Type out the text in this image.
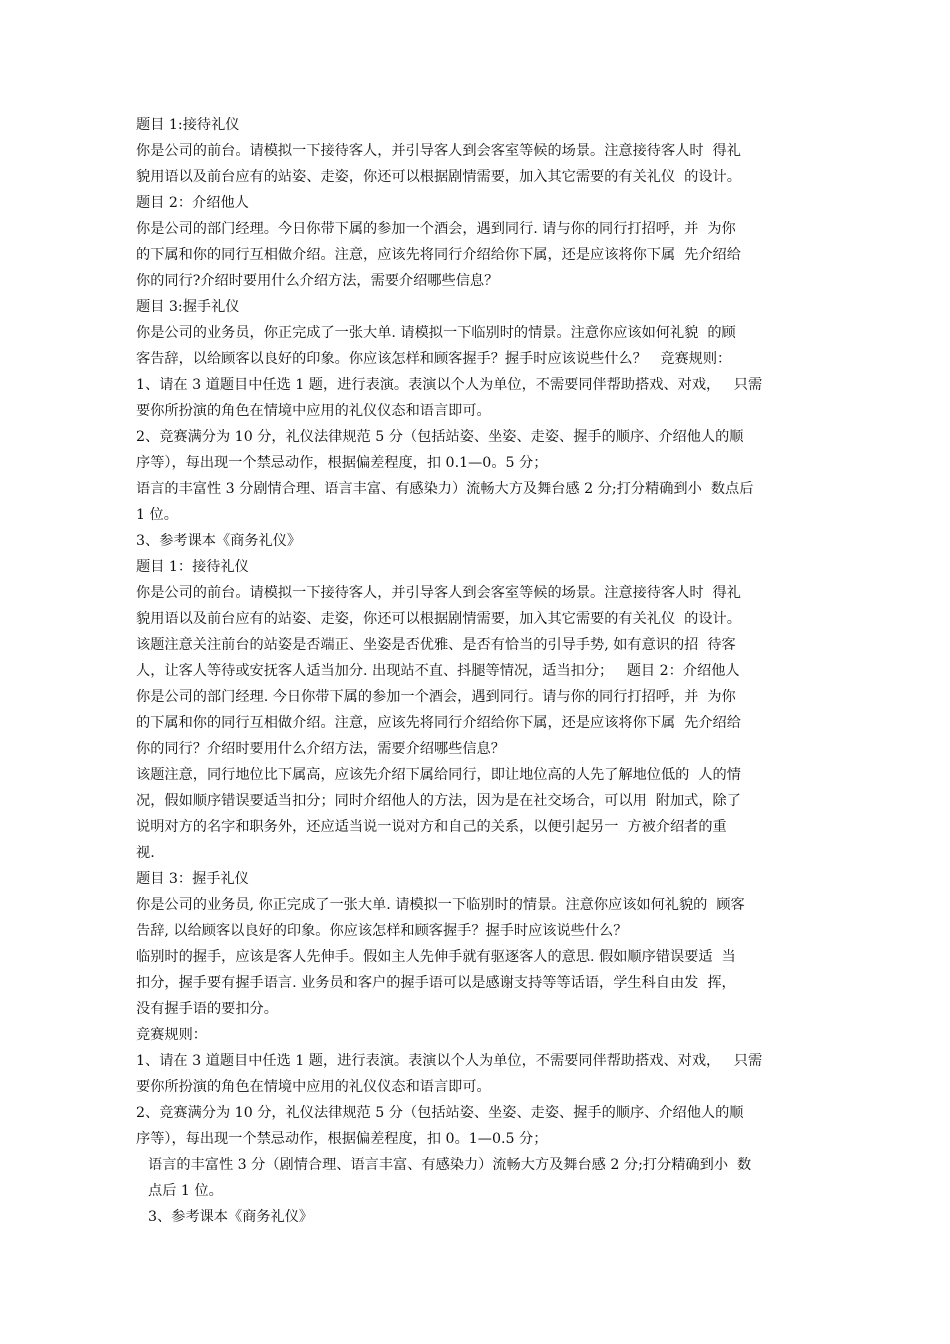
题目 1:接待礼仪
你是公司的前台。请模拟一下接待客人，并引导客人到会客室等候的场景。注意接待客人时  得礼
貌用语以及前台应有的站姿、走姿，你还可以根据剧情需要，加入其它需要的有关礼仪  的设计。
题目 2：介绍他人
你是公司的部门经理。今日你带下属的参加一个酒会，遇到同行. 请与你的同行打招呼，并  为你
的下属和你的同行互相做介绍。注意，应该先将同行介绍给你下属，还是应该将你下属  先介绍给
你的同行?介绍时要用什么介绍方法，需要介绍哪些信息？
题目 3:握手礼仪
你是公司的业务员，你正完成了一张大单. 请模拟一下临别时的情景。注意你应该如何礼貌  的顾
客告辞，以给顾客以良好的印象。你应该怎样和顾客握手？握手时应该说些什么？   竞赛规则：
1、请在 3 道题目中任选 1 题，进行表演。表演以个人为单位，不需要同伴帮助搭戏、对戏，   只需
要你所扮演的角色在情境中应用的礼仪仪态和语言即可。
2、竞赛满分为 10 分，礼仪法律规范 5 分（包括站姿、坐姿、走姿、握手的顺序、介绍他人的顺
序等），每出现一个禁忌动作，根据偏差程度，扣 0.1—0。5 分；
语言的丰富性 3 分剧情合理、语言丰富、有感染力）流畅大方及舞台感 2 分;打分精确到小  数点后
1 位。
3、参考课本《商务礼仪》
题目 1：接待礼仪
你是公司的前台。请模拟一下接待客人，并引导客人到会客室等候的场景。注意接待客人时  得礼
貌用语以及前台应有的站姿、走姿，你还可以根据剧情需要，加入其它需要的有关礼仪  的设计。
该题注意关注前台的站姿是否端正、坐姿是否优雅、是否有恰当的引导手势, 如有意识的招  待客
人，让客人等待或安抚客人适当加分. 出现站不直、抖腿等情况，适当扣分；   题目 2：介绍他人
你是公司的部门经理. 今日你带下属的参加一个酒会，遇到同行。请与你的同行打招呼，并  为你
的下属和你的同行互相做介绍。注意，应该先将同行介绍给你下属，还是应该将你下属  先介绍给
你的同行？介绍时要用什么介绍方法，需要介绍哪些信息？
该题注意，同行地位比下属高，应该先介绍下属给同行，即让地位高的人先了解地位低的  人的情
况，假如顺序错误要适当扣分；同时介绍他人的方法，因为是在社交场合，可以用  附加式，除了
说明对方的名字和职务外，还应适当说一说对方和自己的关系，以便引起另一  方被介绍者的重
视.
题目 3：握手礼仪
你是公司的业务员, 你正完成了一张大单. 请模拟一下临别时的情景。注意你应该如何礼貌的  顾客
告辞, 以给顾客以良好的印象。你应该怎样和顾客握手？握手时应该说些什么？
临别时的握手，应该是客人先伸手。假如主人先伸手就有驱逐客人的意思. 假如顺序错误要适  当
扣分，握手要有握手语言. 业务员和客户的握手语可以是感谢支持等等话语，学生科自由发  挥，
没有握手语的要扣分。
竞赛规则：
1、请在 3 道题目中任选 1 题，进行表演。表演以个人为单位，不需要同伴帮助搭戏、对戏，   只需
要你所扮演的角色在情境中应用的礼仪仪态和语言即可。
2、竞赛满分为 10 分，礼仪法律规范 5 分（包括站姿、坐姿、走姿、握手的顺序、介绍他人的顺
序等），每出现一个禁忌动作，根据偏差程度，扣 0。1—0.5 分；
语言的丰富性 3 分（剧情合理、语言丰富、有感染力）流畅大方及舞台感 2 分;打分精确到小  数
点后 1 位。
3、参考课本《商务礼仪》
